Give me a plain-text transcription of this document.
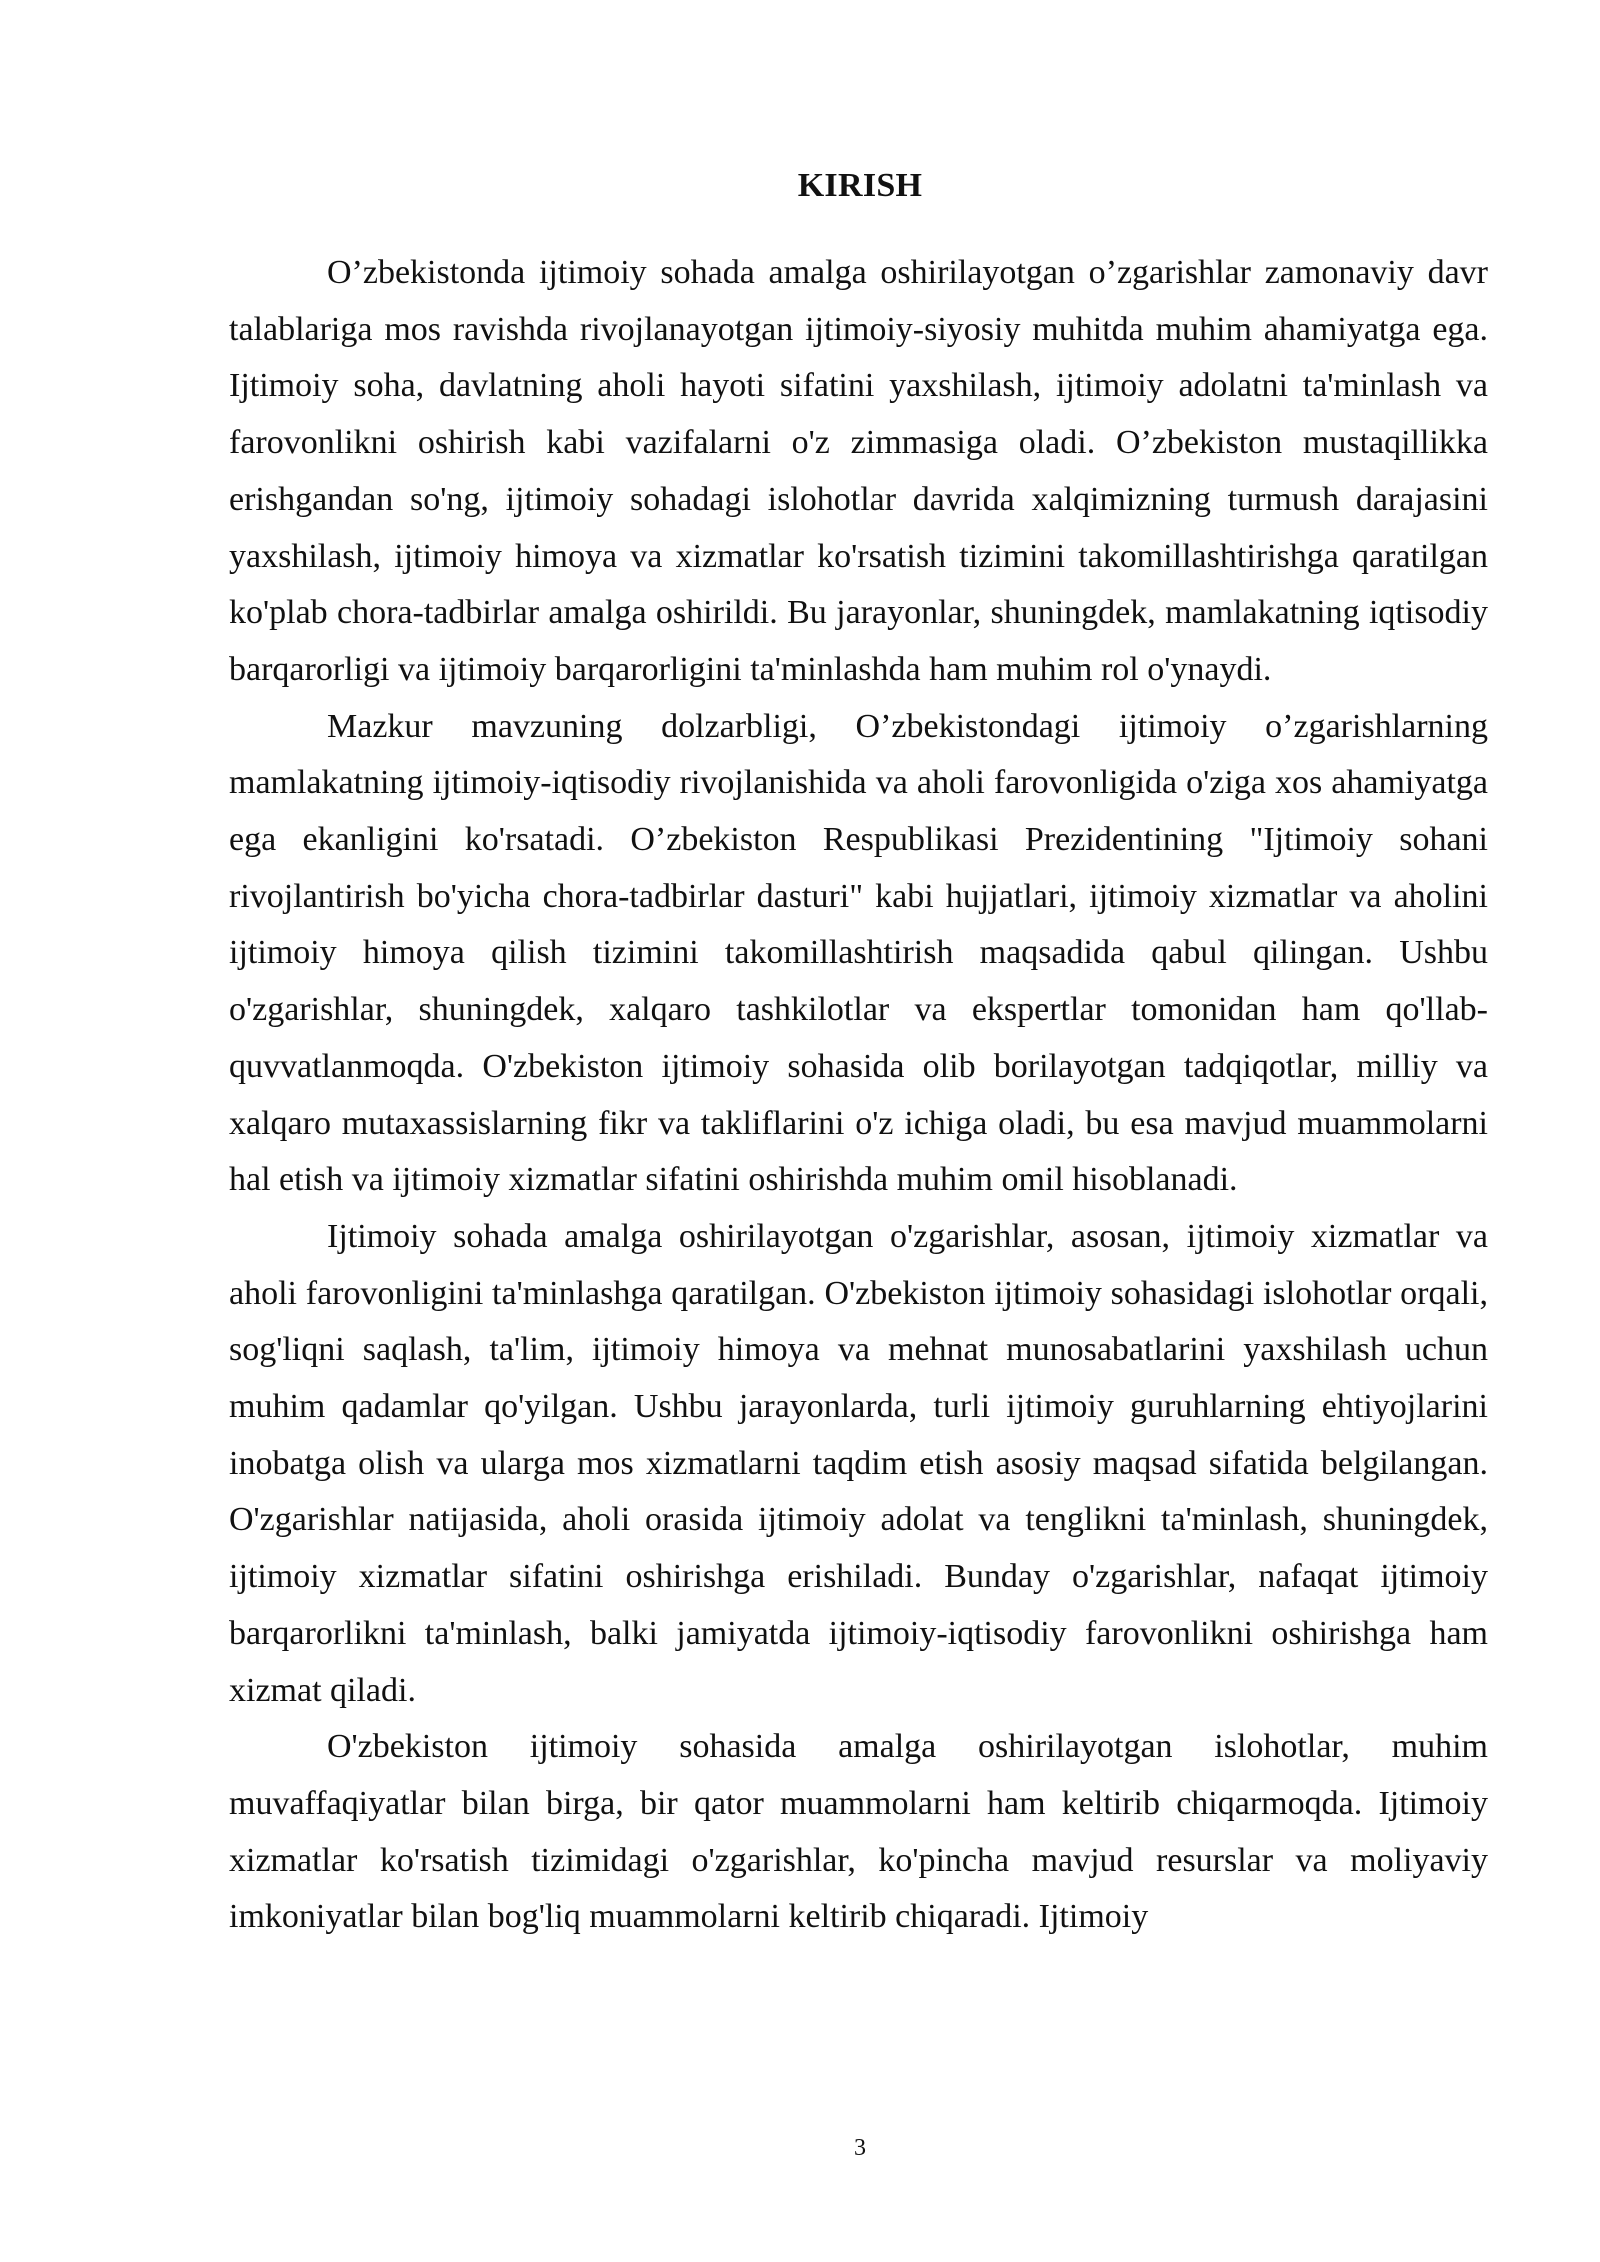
KIRISH

O’zbekistonda ijtimoiy sohada amalga oshirilayotgan o’zgarishlar zamonaviy davr talablariga mos ravishda rivojlanayotgan ijtimoiy-siyosiy muhitda muhim ahamiyatga ega. Ijtimoiy soha, davlatning aholi hayoti sifatini yaxshilash, ijtimoiy adolatni ta'minlash va farovonlikni oshirish kabi vazifalarni o'z zimmasiga oladi. O’zbekiston mustaqillikka erishgandan so'ng, ijtimoiy sohadagi islohotlar davrida xalqimizning turmush darajasini yaxshilash, ijtimoiy himoya va xizmatlar ko'rsatish tizimini takomillashtirishga qaratilgan ko'plab chora-tadbirlar amalga oshirildi. Bu jarayonlar, shuningdek, mamlakatning iqtisodiy barqarorligi va ijtimoiy barqarorligini ta'minlashda ham muhim rol o'ynaydi.

Mazkur mavzuning dolzarbligi, O’zbekistondagi ijtimoiy o’zgarishlarning mamlakatning ijtimoiy-iqtisodiy rivojlanishida va aholi farovonligida o'ziga xos ahamiyatga ega ekanligini ko'rsatadi. O’zbekiston Respublikasi Prezidentining "Ijtimoiy sohani rivojlantirish bo'yicha chora-tadbirlar dasturi" kabi hujjatlari, ijtimoiy xizmatlar va aholini ijtimoiy himoya qilish tizimini takomillashtirish maqsadida qabul qilingan. Ushbu o'zgarishlar, shuningdek, xalqaro tashkilotlar va ekspertlar tomonidan ham qo'llab-quvvatlanmoqda. O'zbekiston ijtimoiy sohasida olib borilayotgan tadqiqotlar, milliy va xalqaro mutaxassislarning fikr va takliflarini o'z ichiga oladi, bu esa mavjud muammolarni hal etish va ijtimoiy xizmatlar sifatini oshirishda muhim omil hisoblanadi.

Ijtimoiy sohada amalga oshirilayotgan o'zgarishlar, asosan, ijtimoiy xizmatlar va aholi farovonligini ta'minlashga qaratilgan. O'zbekiston ijtimoiy sohasidagi islohotlar orqali, sog'liqni saqlash, ta'lim, ijtimoiy himoya va mehnat munosabatlarini yaxshilash uchun muhim qadamlar qo'yilgan. Ushbu jarayonlarda, turli ijtimoiy guruhlarning ehtiyojlarini inobatga olish va ularga mos xizmatlarni taqdim etish asosiy maqsad sifatida belgilangan. O'zgarishlar natijasida, aholi orasida ijtimoiy adolat va tenglikni ta'minlash, shuningdek, ijtimoiy xizmatlar sifatini oshirishga erishiladi. Bunday o'zgarishlar, nafaqat ijtimoiy barqarorlikni ta'minlash, balki jamiyatda ijtimoiy-iqtisodiy farovonlikni oshirishga ham xizmat qiladi.

O'zbekiston ijtimoiy sohasida amalga oshirilayotgan islohotlar, muhim muvaffaqiyatlar bilan birga, bir qator muammolarni ham keltirib chiqarmoqda. Ijtimoiy xizmatlar ko'rsatish tizimidagi o'zgarishlar, ko'pincha mavjud resurslar va moliyaviy imkoniyatlar bilan bog'liq muammolarni keltirib chiqaradi. Ijtimoiy

3
